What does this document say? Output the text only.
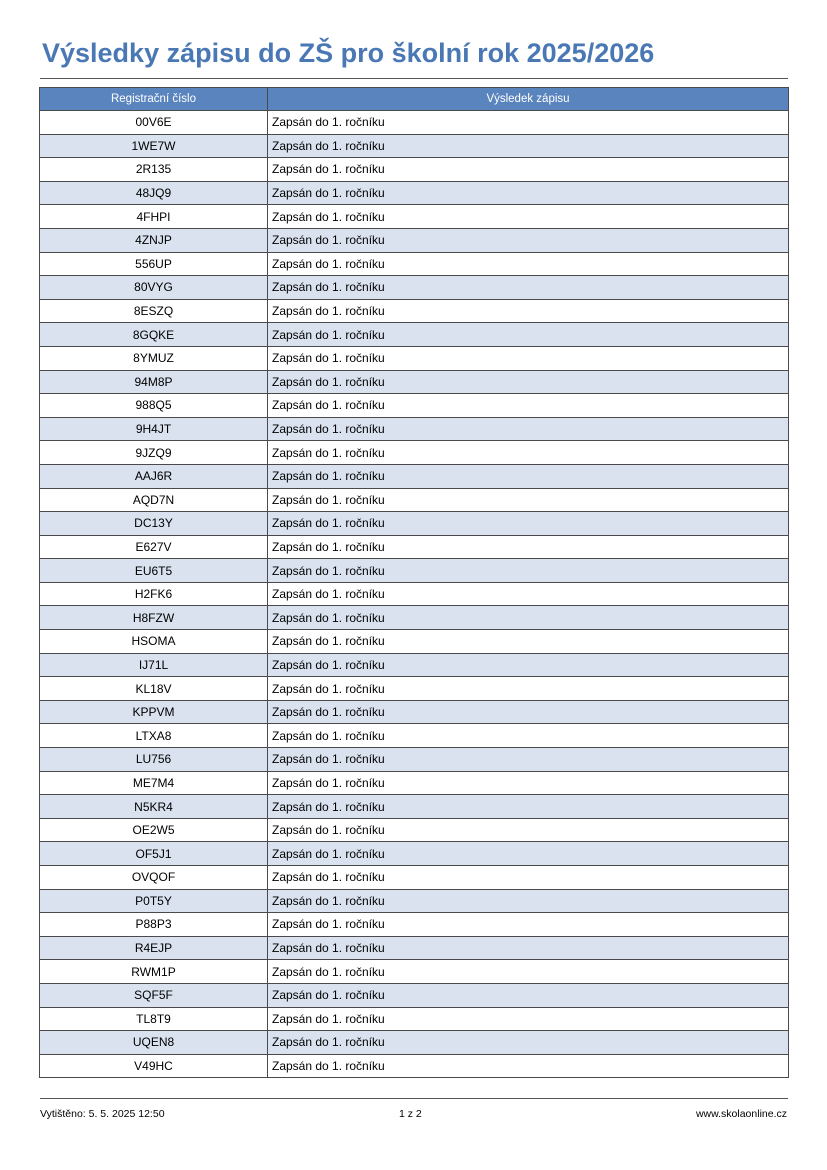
Výsledky zápisu do ZŠ pro školní rok 2025/2026
Registrační číslo	Výsledek zápisu
00V6E	Zapsán do 1. ročníku
1WE7W	Zapsán do 1. ročníku
2R135	Zapsán do 1. ročníku
48JQ9	Zapsán do 1. ročníku
4FHPI	Zapsán do 1. ročníku
4ZNJP	Zapsán do 1. ročníku
556UP	Zapsán do 1. ročníku
80VYG	Zapsán do 1. ročníku
8ESZQ	Zapsán do 1. ročníku
8GQKE	Zapsán do 1. ročníku
8YMUZ	Zapsán do 1. ročníku
94M8P	Zapsán do 1. ročníku
988Q5	Zapsán do 1. ročníku
9H4JT	Zapsán do 1. ročníku
9JZQ9	Zapsán do 1. ročníku
AAJ6R	Zapsán do 1. ročníku
AQD7N	Zapsán do 1. ročníku
DC13Y	Zapsán do 1. ročníku
E627V	Zapsán do 1. ročníku
EU6T5	Zapsán do 1. ročníku
H2FK6	Zapsán do 1. ročníku
H8FZW	Zapsán do 1. ročníku
HSOMA	Zapsán do 1. ročníku
IJ71L	Zapsán do 1. ročníku
KL18V	Zapsán do 1. ročníku
KPPVM	Zapsán do 1. ročníku
LTXA8	Zapsán do 1. ročníku
LU756	Zapsán do 1. ročníku
ME7M4	Zapsán do 1. ročníku
N5KR4	Zapsán do 1. ročníku
OE2W5	Zapsán do 1. ročníku
OF5J1	Zapsán do 1. ročníku
OVQOF	Zapsán do 1. ročníku
P0T5Y	Zapsán do 1. ročníku
P88P3	Zapsán do 1. ročníku
R4EJP	Zapsán do 1. ročníku
RWM1P	Zapsán do 1. ročníku
SQF5F	Zapsán do 1. ročníku
TL8T9	Zapsán do 1. ročníku
UQEN8	Zapsán do 1. ročníku
V49HC	Zapsán do 1. ročníku
Vytištěno: 5. 5. 2025 12:50	1 z 2	www.skolaonline.cz
